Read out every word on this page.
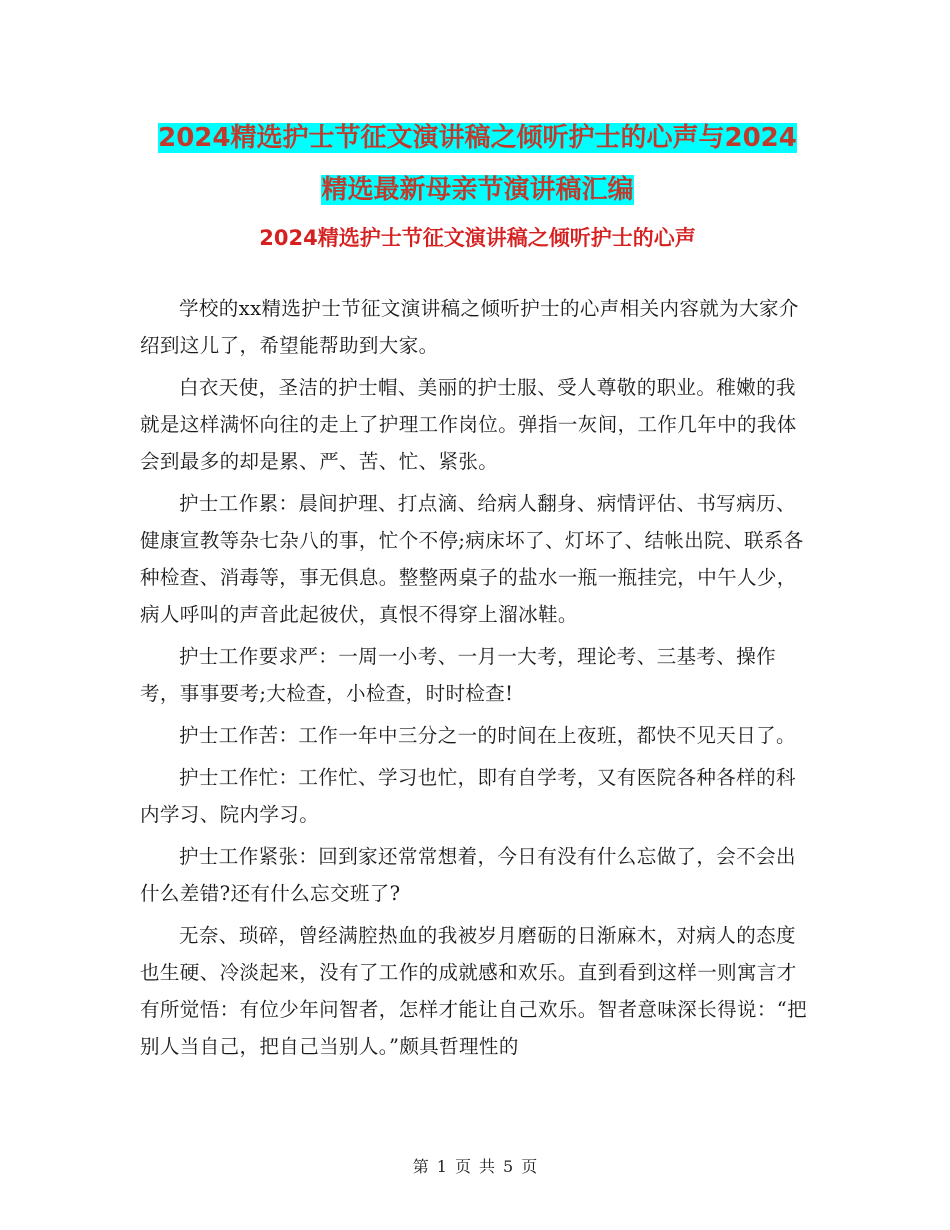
2024精选护士节征文演讲稿之倾听护士的心声与2024
精选最新母亲节演讲稿汇编
2024精选护士节征文演讲稿之倾听护士的心声

学校的xx精选护士节征文演讲稿之倾听护士的心声相关内容就为大家介绍到这儿了，希望能帮助到大家。

白衣天使，圣洁的护士帽、美丽的护士服、受人尊敬的职业。稚嫩的我就是这样满怀向往的走上了护理工作岗位。弹指一灰间，工作几年中的我体会到最多的却是累、严、苦、忙、紧张。

护士工作累：晨间护理、打点滴、给病人翻身、病情评估、书写病历、健康宣教等杂七杂八的事，忙个不停;病床坏了、灯坏了、结帐出院、联系各种检查、消毒等，事无俱息。整整两桌子的盐水一瓶一瓶挂完，中午人少，病人呼叫的声音此起彼伏，真恨不得穿上溜冰鞋。

护士工作要求严：一周一小考、一月一大考，理论考、三基考、操作考，事事要考;大检查，小检查，时时检查!

护士工作苦：工作一年中三分之一的时间在上夜班，都快不见天日了。

护士工作忙：工作忙、学习也忙，即有自学考，又有医院各种各样的科内学习、院内学习。

护士工作紧张：回到家还常常想着，今日有没有什么忘做了，会不会出什么差错?还有什么忘交班了?

无奈、琐碎，曾经满腔热血的我被岁月磨砺的日渐麻木，对病人的态度也生硬、冷淡起来，没有了工作的成就感和欢乐。直到看到这样一则寓言才有所觉悟：有位少年问智者，怎样才能让自己欢乐。智者意味深长得说：“把别人当自己，把自己当别人。”颇具哲理性的

第 1 页 共 5 页
